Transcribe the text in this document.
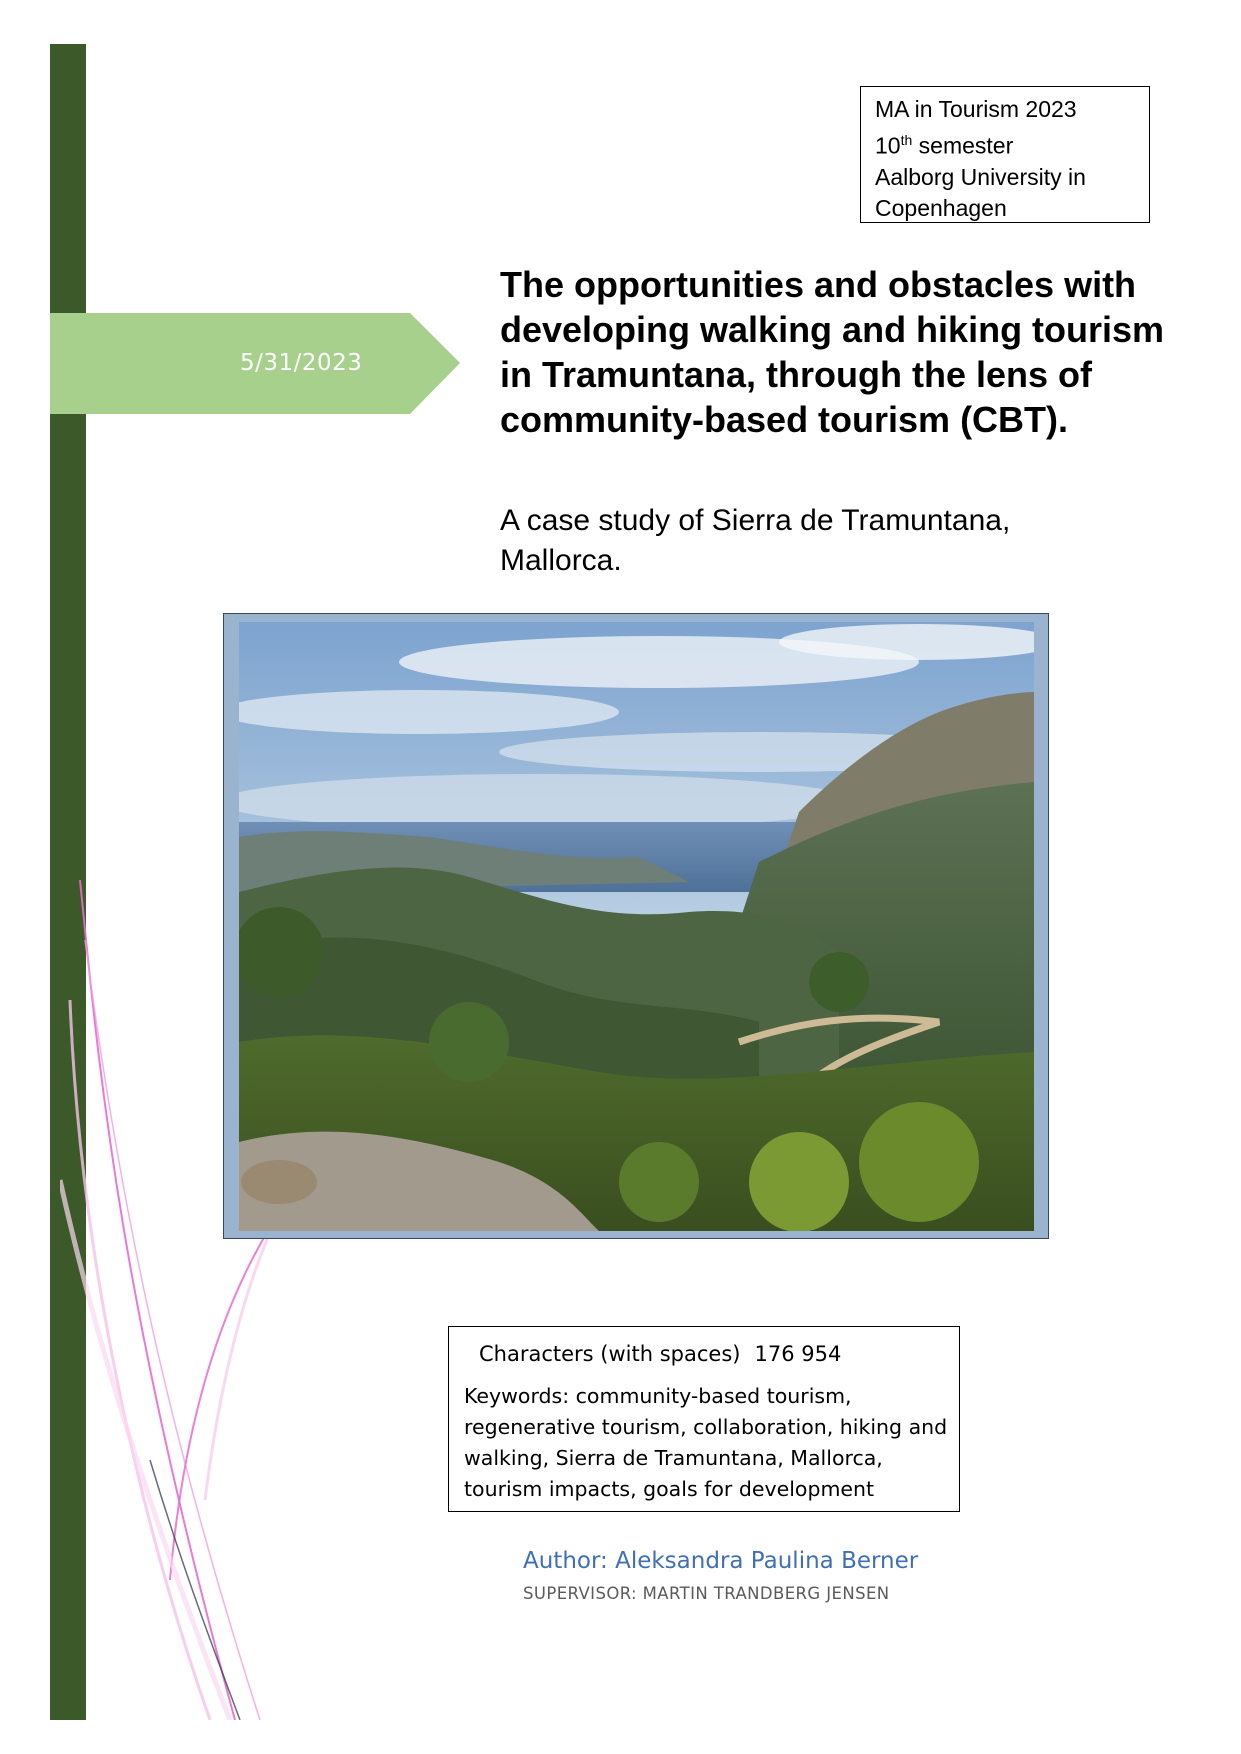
5/31/2023
MA in Tourism 2023
10th semester
Aalborg University in
Copenhagen
The opportunities and obstacles with developing walking and hiking tourism in Tramuntana, through the lens of community-based tourism (CBT).
A case study of Sierra de Tramuntana,
Mallorca.
Characters (with spaces) 176 954
Keywords: community-based tourism, regenerative tourism, collaboration, hiking and walking, Sierra de Tramuntana, Mallorca, tourism impacts, goals for development
Author: Aleksandra Paulina Berner
SUPERVISOR: MARTIN TRANDBERG JENSEN
